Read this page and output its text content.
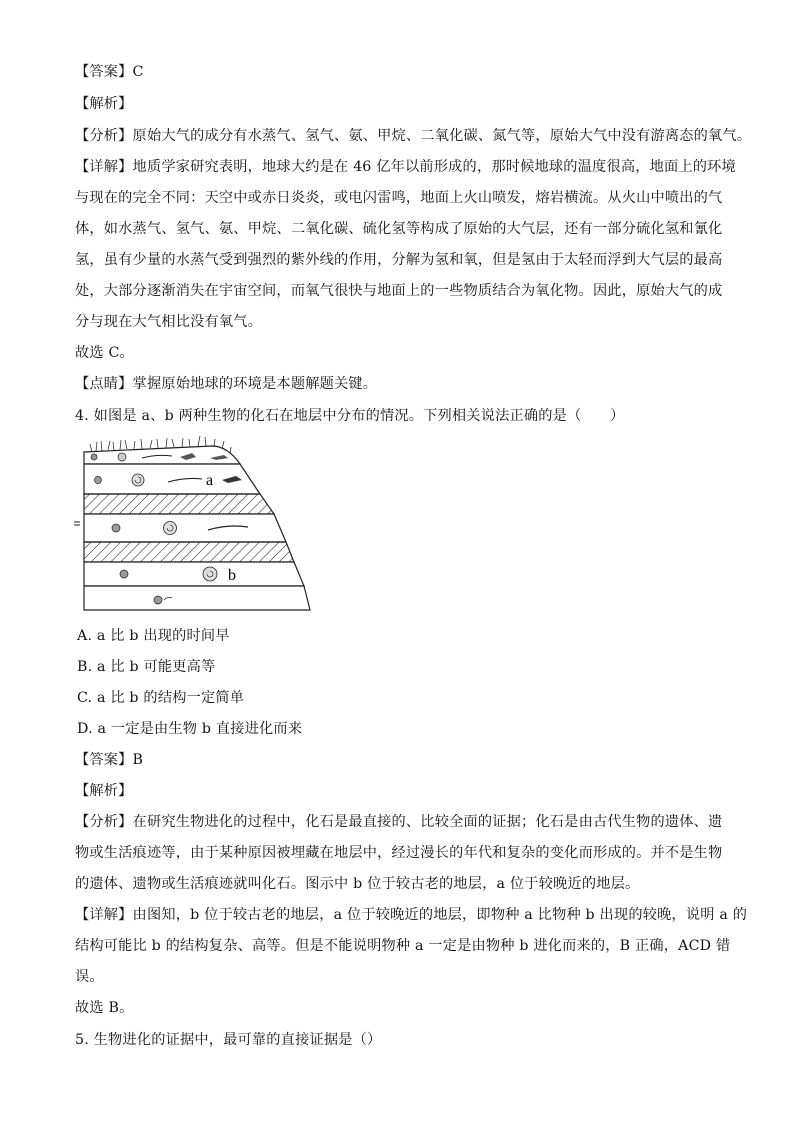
【答案】C
【解析】
【分析】原始大气的成分有水蒸气、氢气、氨、甲烷、二氧化碳、氮气等，原始大气中没有游离态的氧气。
【详解】地质学家研究表明，地球大约是在 46 亿年以前形成的，那时候地球的温度很高，地面上的环境
与现在的完全不同：天空中或赤日炎炎，或电闪雷鸣，地面上火山喷发，熔岩横流。从火山中喷出的气
体，如水蒸气、氢气、氨、甲烷、二氧化碳、硫化氢等构成了原始的大气层，还有一部分硫化氢和氰化
氢，虽有少量的水蒸气受到强烈的紫外线的作用，分解为氢和氧，但是氢由于太轻而浮到大气层的最高
处，大部分逐渐消失在宇宙空间，而氧气很快与地面上的一些物质结合为氧化物。因此，原始大气的成
分与现在大气相比没有氧气。
故选 C。
【点睛】掌握原始地球的环境是本题解题关键。
4. 如图是 a、b 两种生物的化石在地层中分布的情况。下列相关说法正确的是（　　）
a
b
A. a 比 b 出现的时间早
B. a 比 b 可能更高等
C. a 比 b 的结构一定简单
D. a 一定是由生物 b 直接进化而来
【答案】B
【解析】
【分析】在研究生物进化的过程中，化石是最直接的、比较全面的证据；化石是由古代生物的遗体、遗
物或生活痕迹等，由于某种原因被埋藏在地层中，经过漫长的年代和复杂的变化而形成的。并不是生物
的遗体、遗物或生活痕迹就叫化石。图示中 b 位于较古老的地层，a 位于较晚近的地层。
【详解】由图知，b 位于较古老的地层，a 位于较晚近的地层，即物种 a 比物种 b 出现的较晚，说明 a 的
结构可能比 b 的结构复杂、高等。但是不能说明物种 a 一定是由物种 b 进化而来的，B 正确，ACD 错
误。
故选 B。
5. 生物进化的证据中，最可靠的直接证据是（）
